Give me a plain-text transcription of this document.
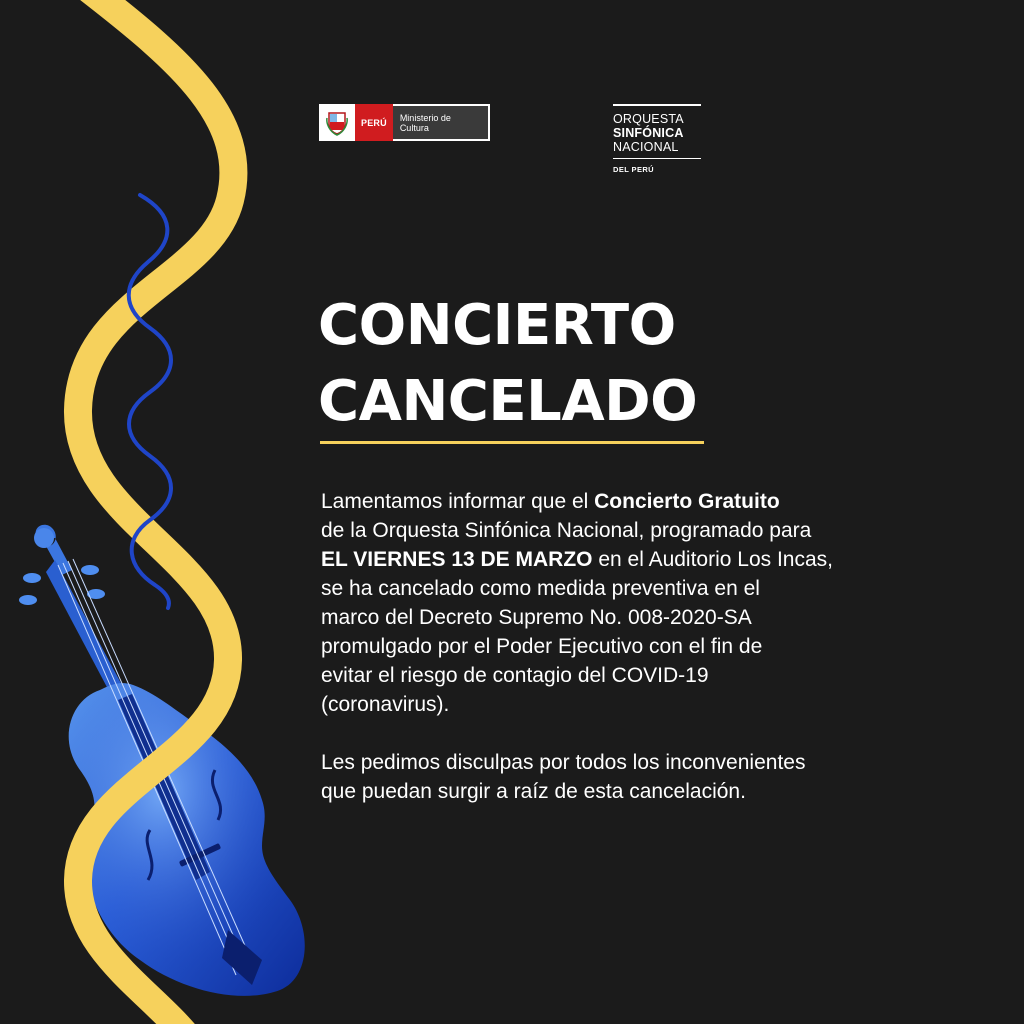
PERÚ	Ministerio de Cultura
ORQUESTA
SINFÓNICA
NACIONAL
DEL PERÚ
CONCIERTO
CANCELADO

Lamentamos informar que el Concierto Gratuito

de la Orquesta Sinfónica Nacional, programado para

EL VIERNES 13 DE MARZO en el Auditorio Los Incas,

se ha cancelado como medida preventiva en el

marco del Decreto Supremo No. 008-2020-SA

promulgado por el Poder Ejecutivo con el fin de

evitar el riesgo de contagio del COVID-19

(coronavirus).

Les pedimos disculpas por todos los inconvenientes

que puedan surgir a raíz de esta cancelación.
